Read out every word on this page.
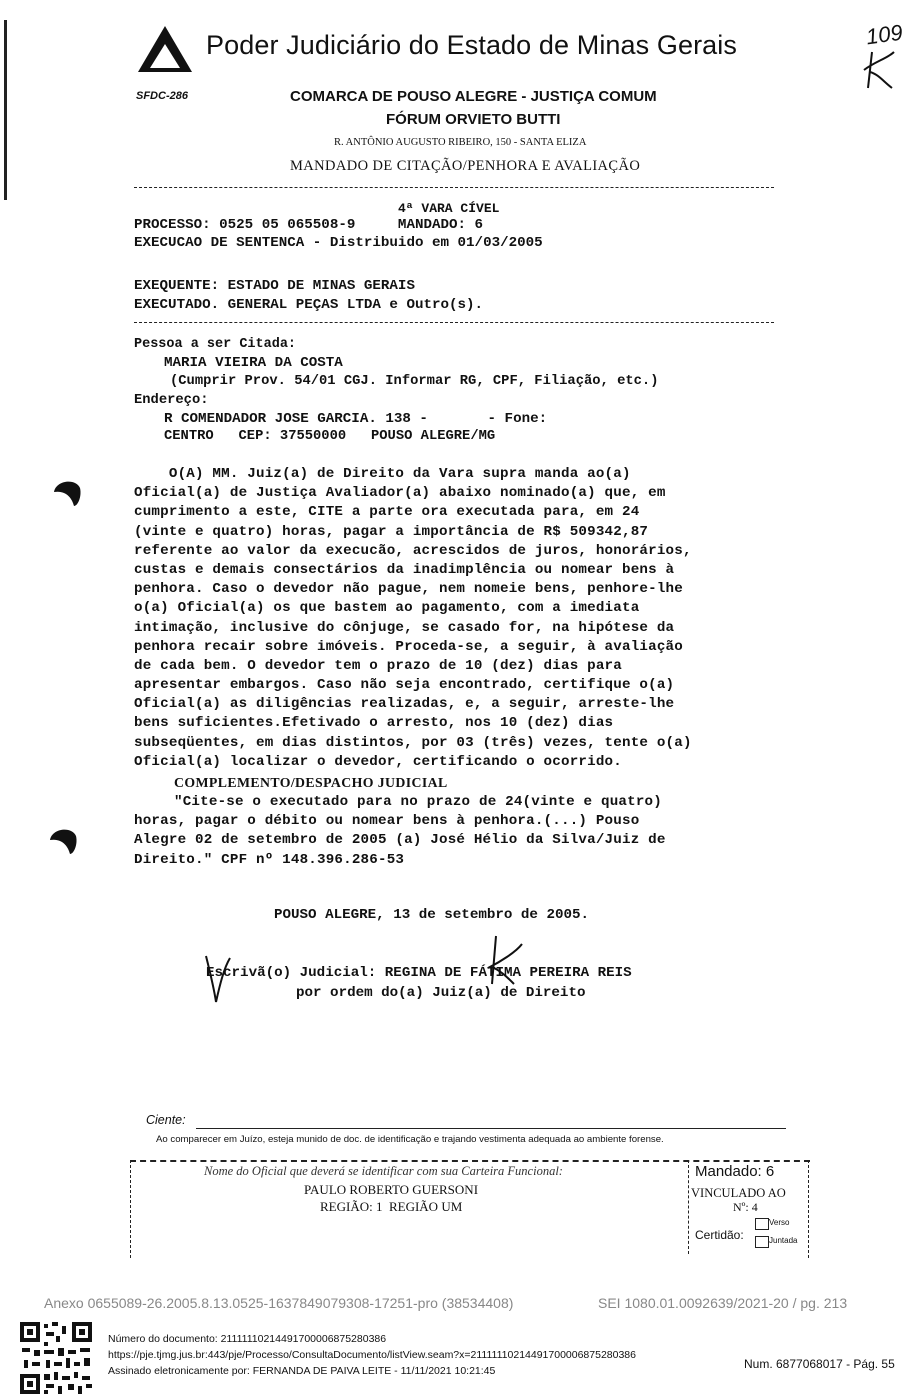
Poder Judiciário do Estado de Minas Gerais	109
SFDC-286	COMARCA DE POUSO ALEGRE - JUSTIÇA COMUM
FÓRUM ORVIETO BUTTI
R. ANTÔNIO AUGUSTO RIBEIRO, 150 - SANTA ELIZA
MANDADO DE CITAÇÃO/PENHORA E AVALIAÇÃO
4ª VARA CÍVEL
PROCESSO: 0525 05 065508-9     MANDADO: 6
EXECUCAO DE SENTENCA - Distribuido em 01/03/2005
EXEQUENTE: ESTADO DE MINAS GERAIS
EXECUTADO. GENERAL PEÇAS LTDA e Outro(s).
Pessoa a ser Citada:
MARIA VIEIRA DA COSTA
(Cumprir Prov. 54/01 CGJ. Informar RG, CPF, Filiação, etc.)
Endereço:
R COMENDADOR JOSE GARCIA. 138 -       - Fone:
CENTRO   CEP: 37550000   POUSO ALEGRE/MG
O(A) MM. Juiz(a) de Direito da Vara supra manda ao(a)
Oficial(a) de Justiça Avaliador(a) abaixo nominado(a) que, em
cumprimento a este, CITE a parte ora executada para, em 24
(vinte e quatro) horas, pagar a importância de R$ 509342,87
referente ao valor da execucão, acrescidos de juros, honorários,
custas e demais consectários da inadimplência ou nomear bens à
penhora. Caso o devedor não pague, nem nomeie bens, penhore-lhe
o(a) Oficial(a) os que bastem ao pagamento, com a imediata
intimação, inclusive do cônjuge, se casado for, na hipótese da
penhora recair sobre imóveis. Proceda-se, a seguir, à avaliação
de cada bem. O devedor tem o prazo de 10 (dez) dias para
apresentar embargos. Caso não seja encontrado, certifique o(a)
Oficial(a) as diligências realizadas, e, a seguir, arreste-lhe
bens suficientes.Efetivado o arresto, nos 10 (dez) dias
subseqüentes, em dias distintos, por 03 (três) vezes, tente o(a)
Oficial(a) localizar o devedor, certificando o ocorrido.
COMPLEMENTO/DESPACHO JUDICIAL
"Cite-se o executado para no prazo de 24(vinte e quatro)
horas, pagar o débito ou nomear bens à penhora.(...) Pouso
Alegre 02 de setembro de 2005 (a) José Hélio da Silva/Juiz de
Direito." CPF nº 148.396.286-53
POUSO ALEGRE, 13 de setembro de 2005.
Escrivã(o) Judicial: REGINA DE FÁTIMA PEREIRA REIS
por ordem do(a) Juiz(a) de Direito
Ciente:
Ao comparecer em Juízo, esteja munido de doc. de identificação e trajando vestimenta adequada ao ambiente forense.
Nome do Oficial que deverá se identificar com sua Carteira Funcional:
PAULO ROBERTO GUERSONI
REGIÃO: 1  REGIÃO UM
Mandado: 6
VINCULADO AO
Nº: 4
Certidão:
Verso
Juntada
Anexo 0655089-26.2005.8.13.0525-1637849079308-17251-pro (38534408)	SEI 1080.01.0092639/2021-20 / pg. 213
Número do documento: 21111110214491700006875280386
https://pje.tjmg.jus.br:443/pje/Processo/ConsultaDocumento/listView.seam?x=21111110214491700006875280386
Assinado eletronicamente por: FERNANDA DE PAIVA LEITE - 11/11/2021 10:21:45	Num. 6877068017 - Pág. 55
